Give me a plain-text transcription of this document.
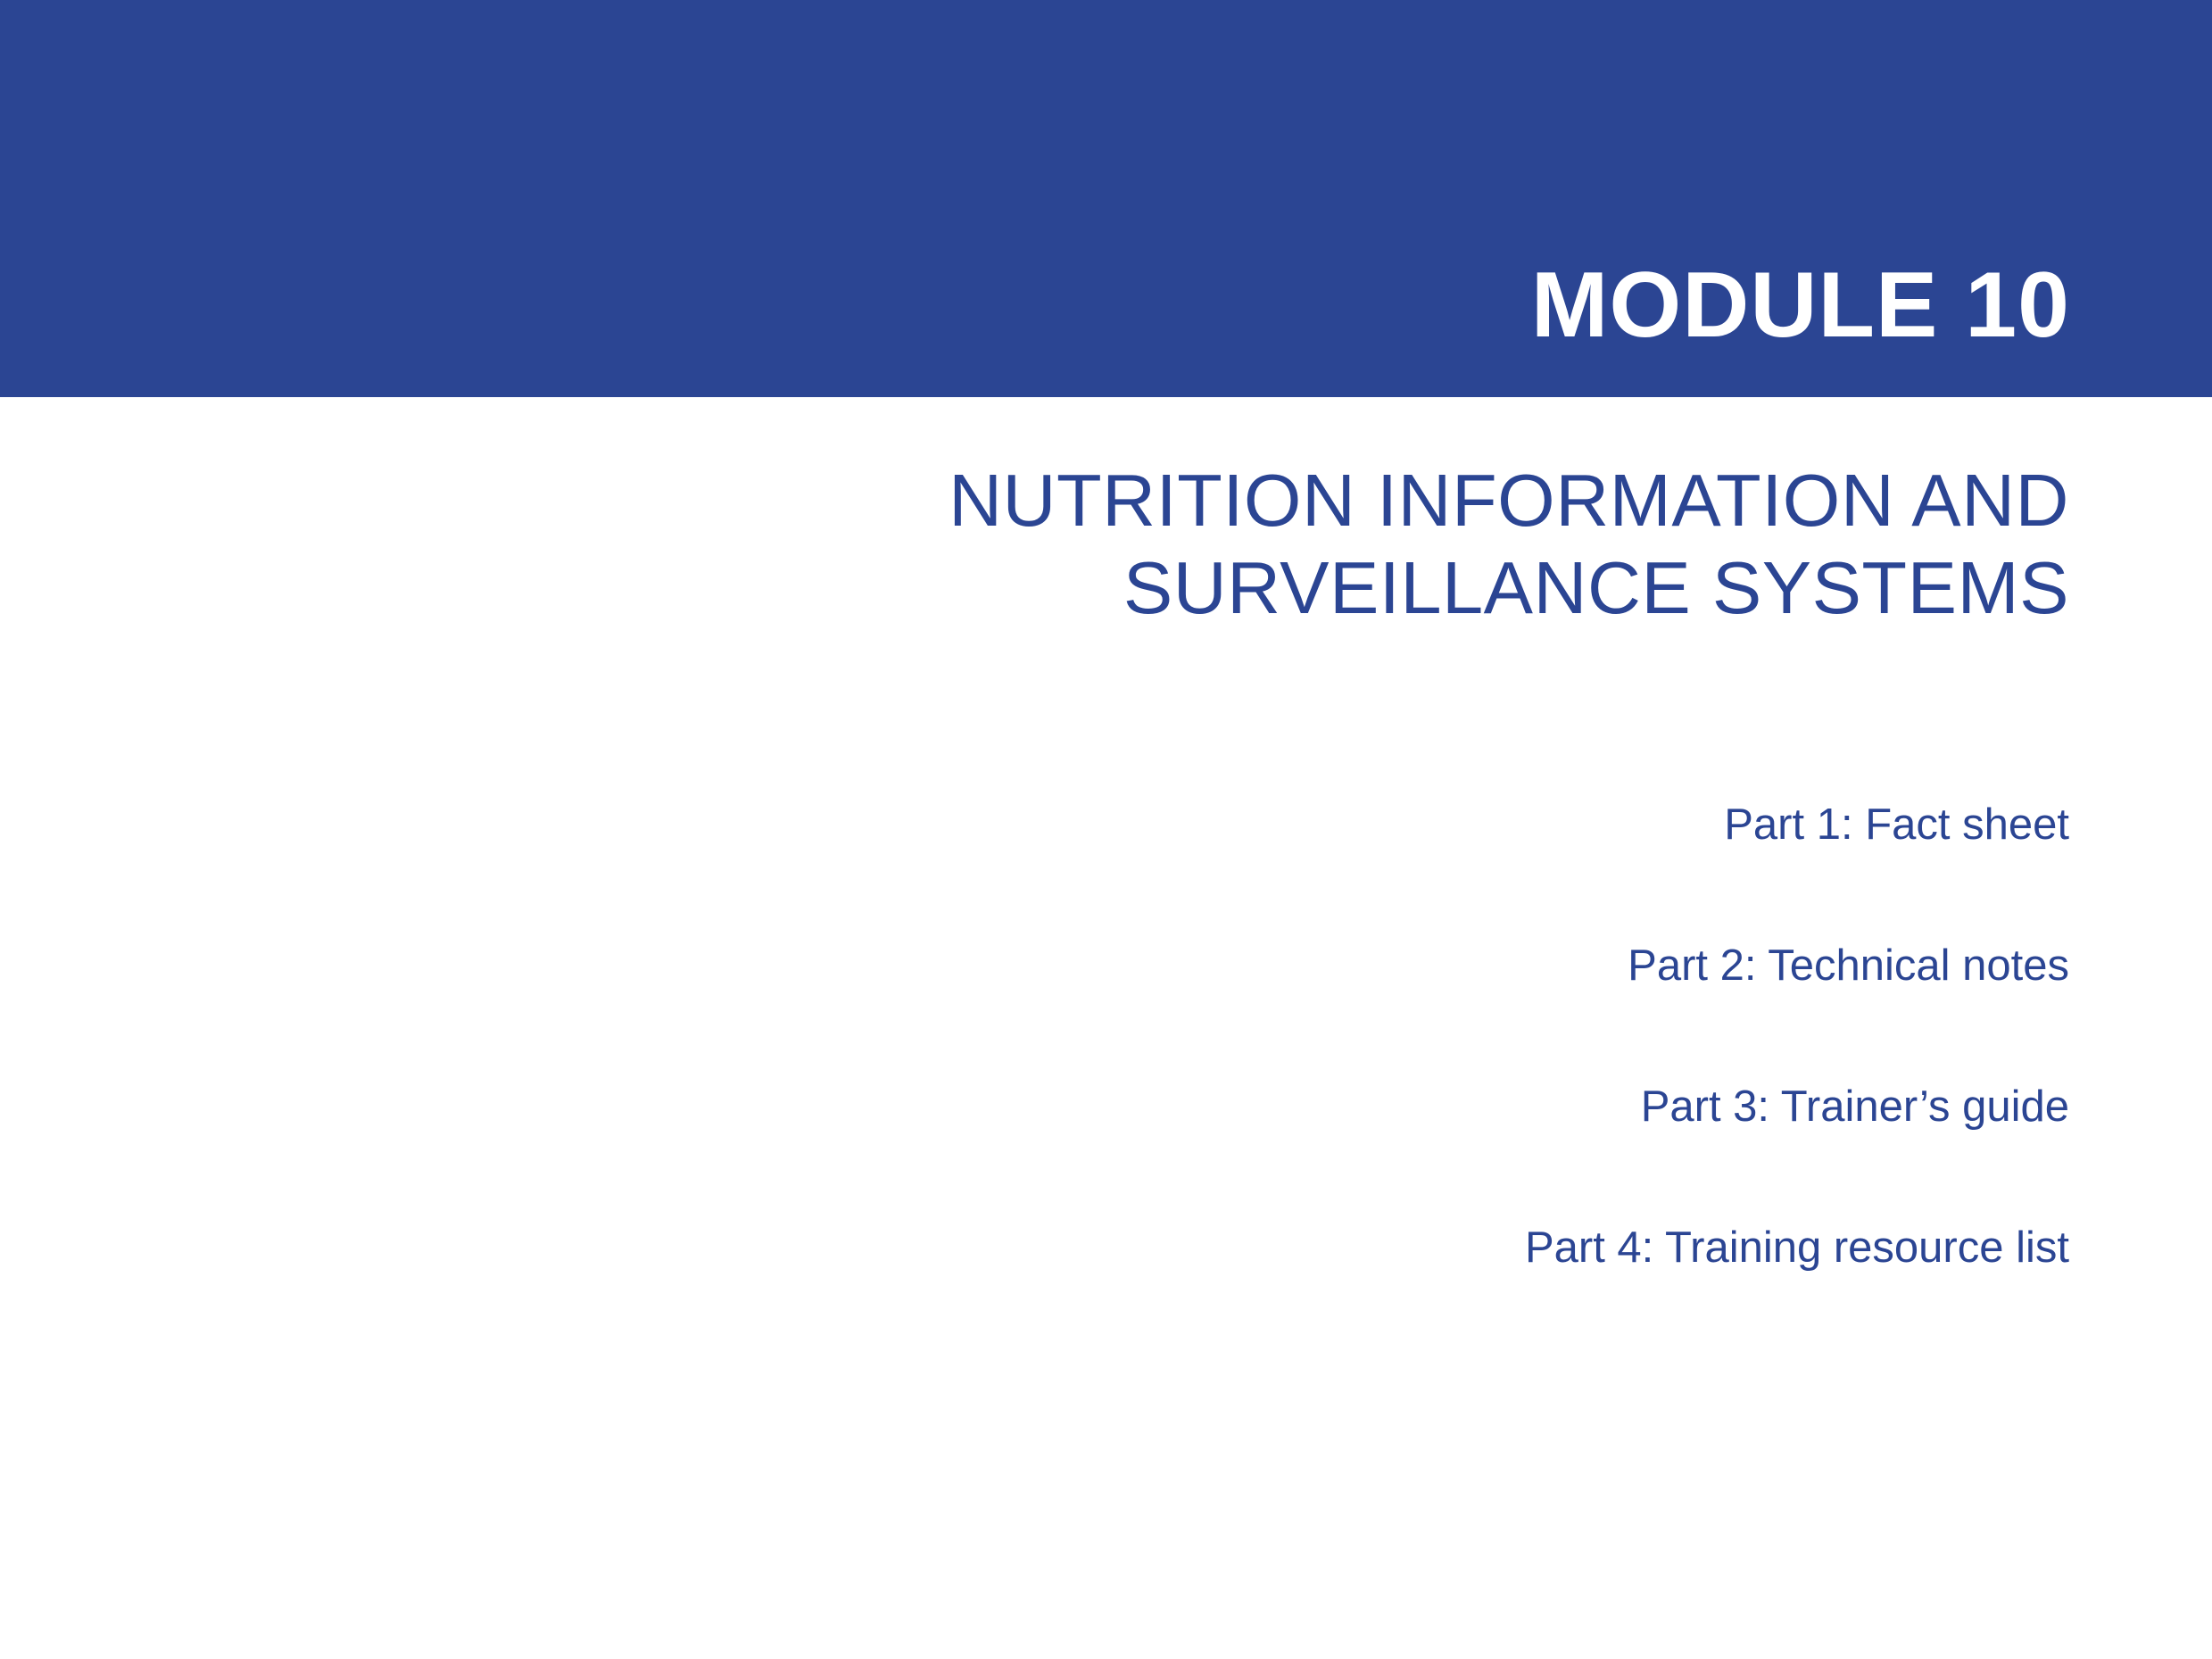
MODULE 10
NUTRITION INFORMATION AND
SURVEILLANCE SYSTEMS
Part 1: Fact sheet
Part 2: Technical notes
Part 3: Trainer’s guide
Part 4: Training resource list
